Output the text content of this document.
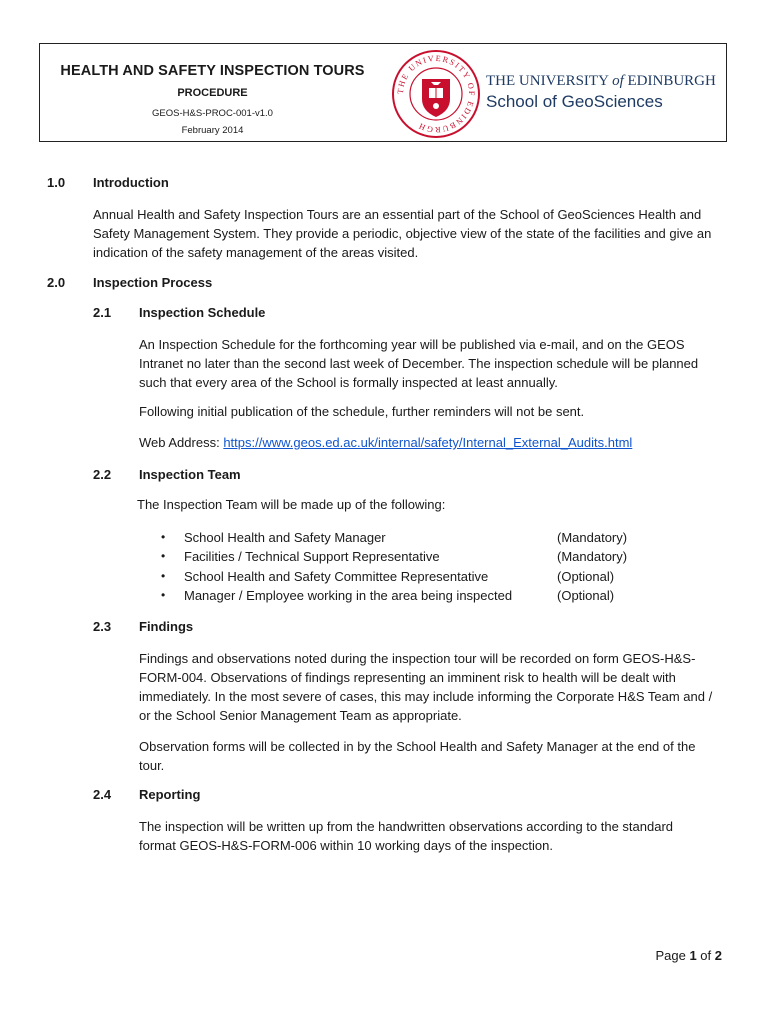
HEALTH AND SAFETY INSPECTION TOURS
PROCEDURE
GEOS-H&S-PROC-001-v1.0
February 2014
THE UNIVERSITY OF EDINBURGH
THE UNIVERSITY of EDINBURGH
School of GeoSciences
1.0 Introduction
Annual Health and Safety Inspection Tours are an essential part of the School of GeoSciences Health and
Safety Management System. They provide a periodic, objective view of the state of the facilities and give an
indication of the safety management of the areas visited.
2.0 Inspection Process
2.1 Inspection Schedule
An Inspection Schedule for the forthcoming year will be published via e-mail, and on the GEOS
Intranet no later than the second last week of December. The inspection schedule will be planned
such that every area of the School is formally inspected at least annually.
Following initial publication of the schedule, further reminders will not be sent.
Web Address: https://www.geos.ed.ac.uk/internal/safety/Internal_External_Audits.html
2.2 Inspection Team
The Inspection Team will be made up of the following:
• School Health and Safety Manager	(Mandatory)
• Facilities / Technical Support Representative	(Mandatory)
• School Health and Safety Committee Representative	(Optional)
• Manager / Employee working in the area being inspected	(Optional)
2.3 Findings
Findings and observations noted during the inspection tour will be recorded on form GEOS-H&S-
FORM-004. Observations of findings representing an imminent risk to health will be dealt with
immediately. In the most severe of cases, this may include informing the Corporate H&S Team and /
or the School Senior Management Team as appropriate.
Observation forms will be collected in by the School Health and Safety Manager at the end of the
tour.
2.4 Reporting
The inspection will be written up from the handwritten observations according to the standard
format GEOS-H&S-FORM-006 within 10 working days of the inspection.
Page 1 of 2
